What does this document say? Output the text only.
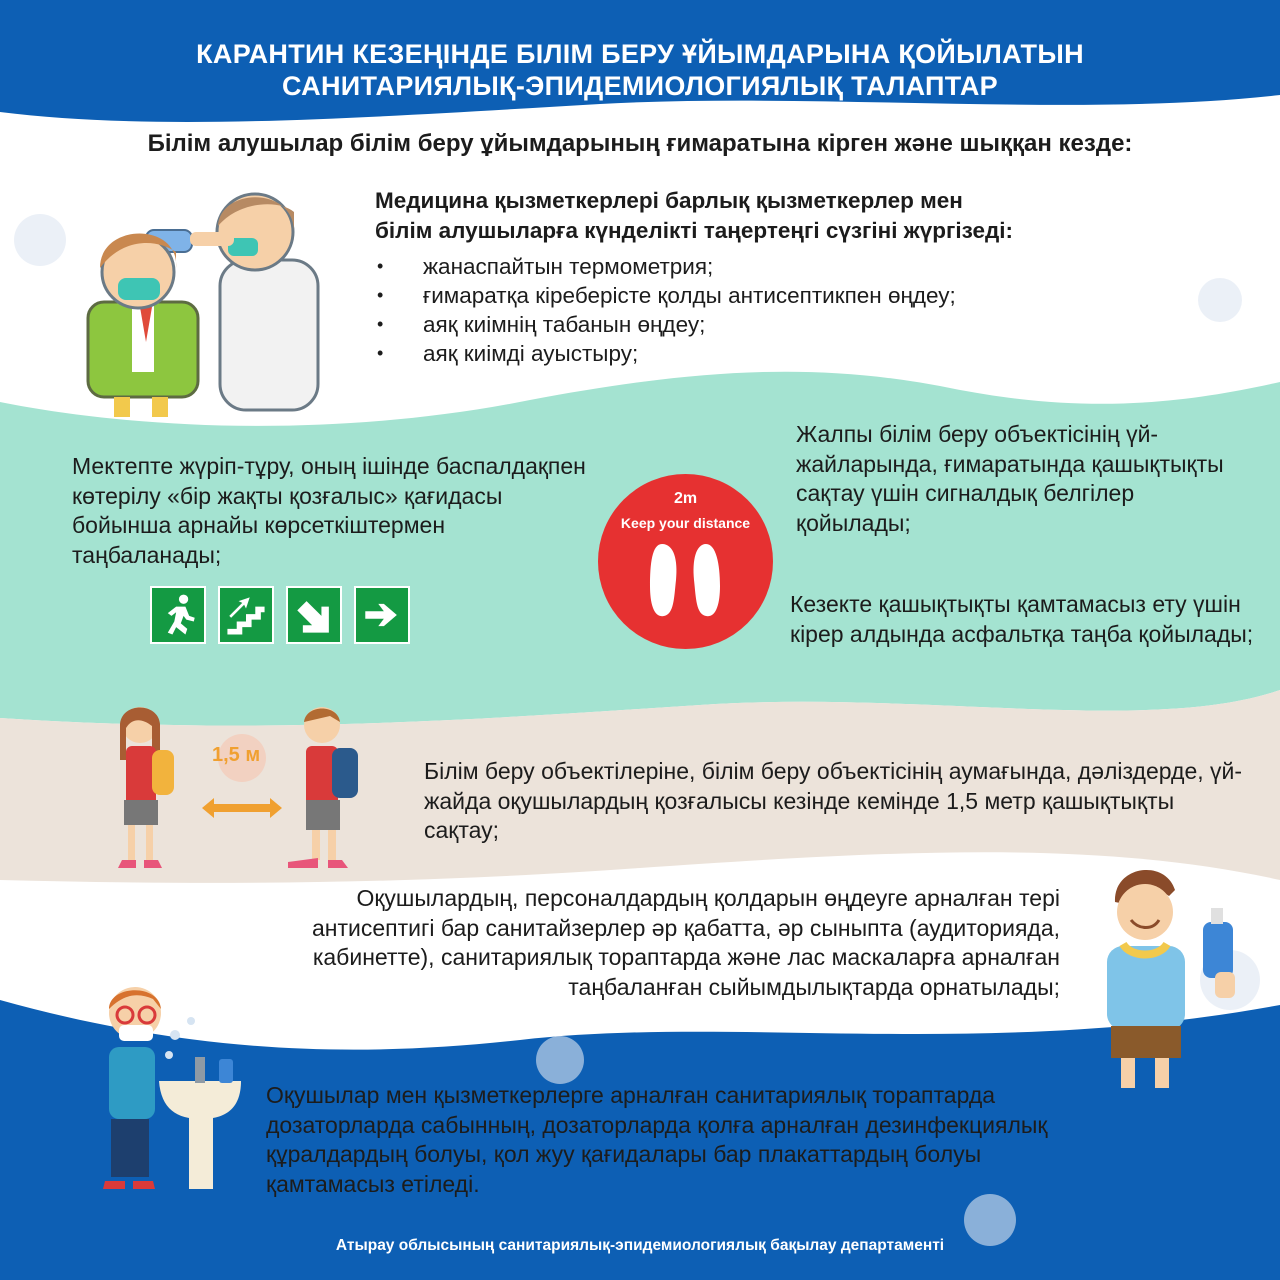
КАРАНТИН КЕЗЕҢІНДЕ БІЛІМ БЕРУ ҰЙЫМДАРЫНА ҚОЙЫЛАТЫН
САНИТАРИЯЛЫҚ-ЭПИДЕМИОЛОГИЯЛЫҚ ТАЛАПТАР
Білім алушылар білім беру ұйымдарының ғимаратына кірген және шыққан кезде:
Медицина қызметкерлері барлық қызметкерлер мен
білім алушыларға күнделікті таңертеңгі сүзгіні жүргізеді:
• жанаспайтын термометрия;
• ғимаратқа кіреберісте қолды антисептикпен өңдеу;
• аяқ киімнің табанын өңдеу;
• аяқ киімді ауыстыру;
Мектепте жүріп-тұру, оның ішінде баспалдақпен көтерілу «бір жақты қозғалыс» қағидасы бойынша арнайы көрсеткіштермен таңбаланады;
2m
Keep your distance
Жалпы білім беру объектісінің үй-жайларында, ғимаратында қашықтықты сақтау үшін сигналдық белгілер қойылады;
Кезекте қашықтықты қамтамасыз ету үшін кірер алдында асфальтқа таңба қойылады;
1,5 м
Білім беру объектілеріне, білім беру объектісінің аумағында, дәліздерде, үй-жайда оқушылардың қозғалысы кезінде кемінде 1,5 метр қашықтықты сақтау;
Оқушылардың, персоналдардың қолдарын өңдеуге арналған тері антисептигі бар санитайзерлер әр қабатта, әр сыныпта (аудиторияда, кабинетте), санитариялық тораптарда және лас маскаларға арналған таңбаланған сыйымдылықтарда орнатылады;
Оқушылар мен қызметкерлерге арналған санитариялық тораптарда дозаторларда сабынның, дозаторларда қолға арналған дезинфекциялық құралдардың болуы, қол жуу қағидалары бар плакаттардың болуы қамтамасыз етіледі.
Атырау облысының санитариялық-эпидемиологиялық бақылау департаменті
